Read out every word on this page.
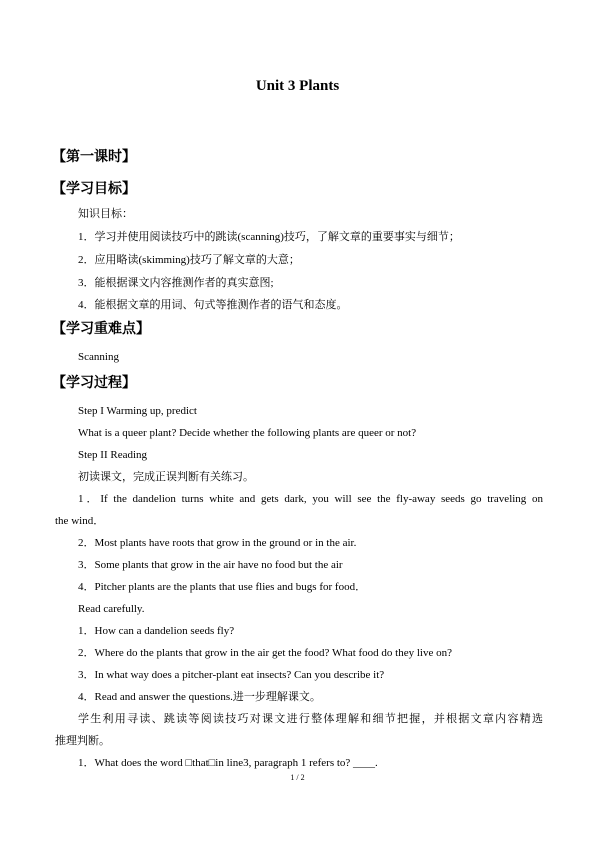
Unit 3 Plants
【第一课时】
【学习目标】
知识目标：
1．学习并使用阅读技巧中的跳读(scanning)技巧，了解文章的重要事实与细节；
2．应用略读(skimming)技巧了解文章的大意；
3．能根据课文内容推测作者的真实意图;
4．能根据文章的用词、句式等推测作者的语气和态度。
【学习重难点】
Scanning
【学习过程】
Step I Warming up, predict
What is a queer plant? Decide whether the following plants are queer or not?
Step II Reading
初读课文，完成正误判断有关练习。
1．If the dandelion turns white and gets dark, you will see the fly-away seeds go traveling on
the wind．
2．Most plants have roots that grow in the ground or in the air.
3．Some plants that grow in the air have no food but the air
4．Pitcher plants are the plants that use flies and bugs for food．
Read carefully.
1．How can a dandelion seeds fly?
2．Where do the plants that grow in the air get the food? What food do they live on?
3．In what way does a pitcher-plant eat insects? Can you describe it?
4．Read and answer the questions.进一步理解课文。
学生利用寻读、跳读等阅读技巧对课文进行整体理解和细节把握，并根据文章内容精选
推理判断。
1．What does the word □that□in line3, paragraph 1 refers to? ____.
1 / 2
